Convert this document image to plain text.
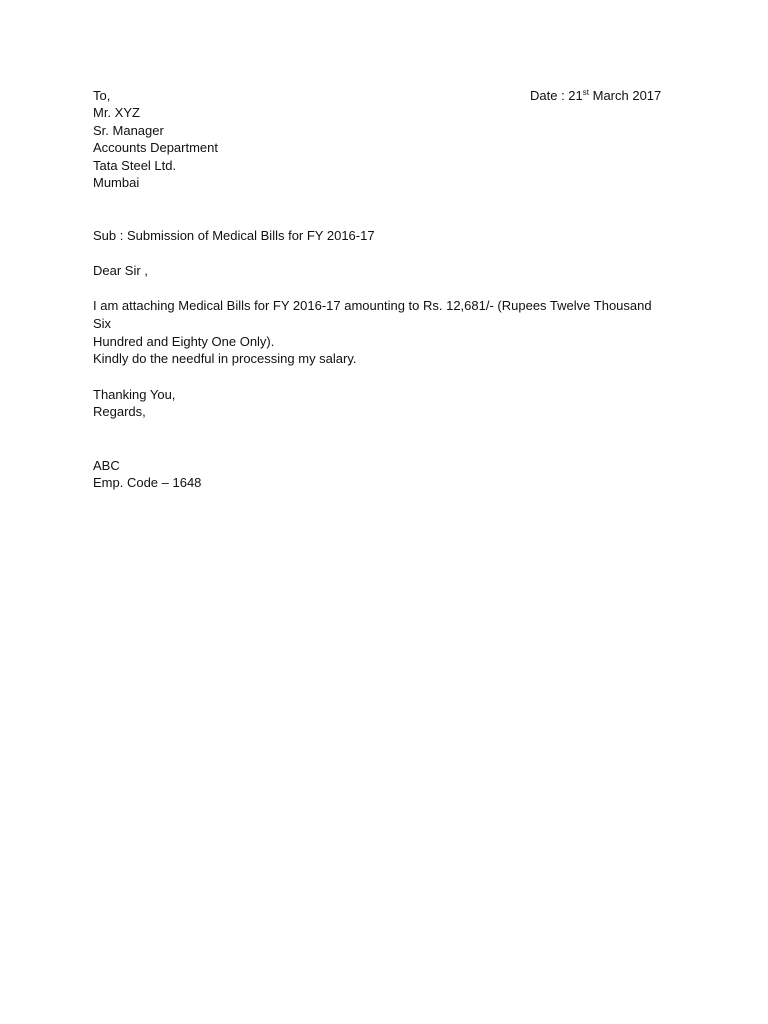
To,
Mr. XYZ
Sr. Manager
Accounts Department
Tata Steel Ltd.
Mumbai
Date : 21st March 2017
Sub : Submission of Medical Bills for FY 2016-17
Dear Sir ,
I am attaching Medical Bills for FY 2016-17 amounting to Rs. 12,681/- (Rupees Twelve Thousand Six
Hundred and Eighty One Only).
Kindly do the needful in processing my salary.
Thanking You,
Regards,
ABC
Emp. Code – 1648
